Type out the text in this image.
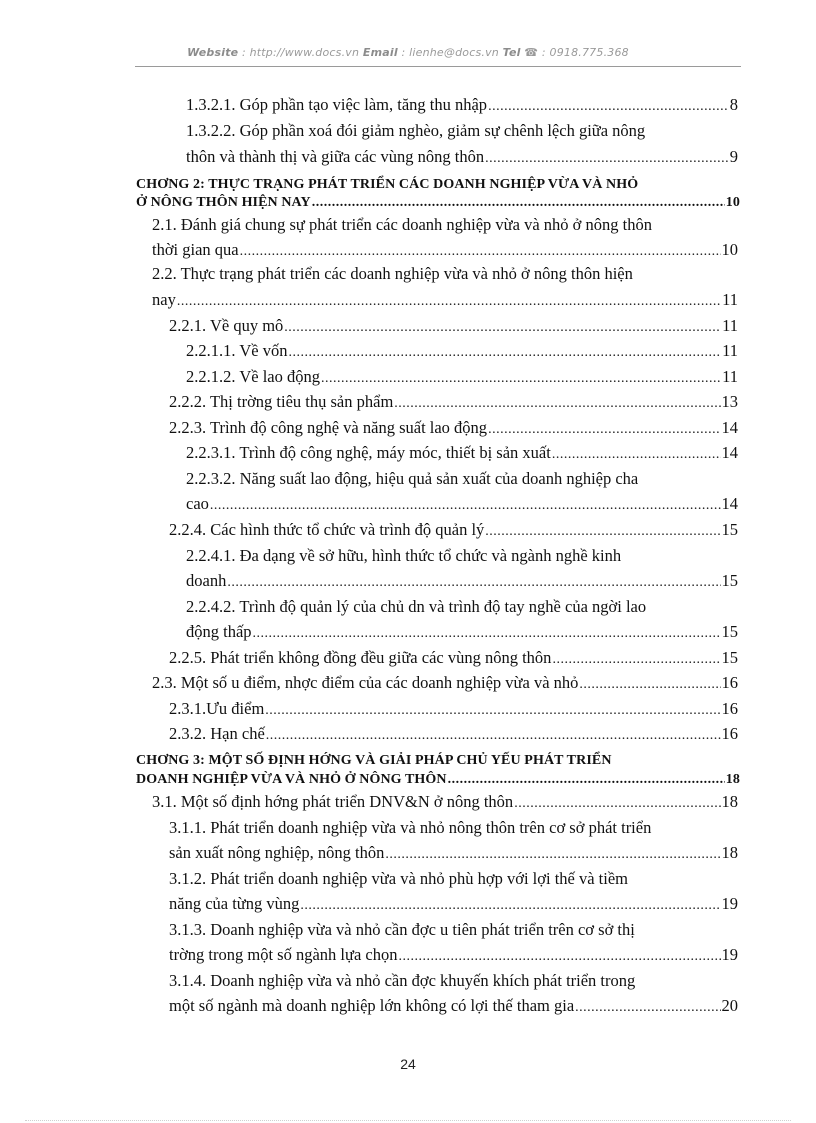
Website : http://www.docs.vn Email : lienhe@docs.vn Tel ☎ : 0918.775.368
1.3.2.1. Góp phần tạo việc làm, tăng thu nhập .....	8
1.3.2.2. Góp phần xoá đói giảm nghèo, giảm sự chênh lệch giữa nông
thôn và thành thị và giữa các vùng nông thôn .....	9
CHƠNG 2: THỰC TRẠNG PHÁT TRIỂN CÁC DOANH NGHIỆP VỪA VÀ NHỎ
Ở NÔNG THÔN HIỆN NAY .....	10
2.1. Đánh giá chung sự phát triển các doanh nghiệp vừa và nhỏ ở nông thôn
thời gian qua .....	10
2.2. Thực trạng phát triển các doanh nghiệp vừa và nhỏ ở nông thôn hiện
nay .....	11
2.2.1. Về quy mô .....	11
2.2.1.1. Về vốn .....	11
2.2.1.2. Về lao động .....	11
2.2.2. Thị trờng tiêu thụ sản phẩm .....	13
2.2.3. Trình độ công nghệ và năng suất lao động .....	14
2.2.3.1. Trình độ công nghệ, máy móc, thiết bị sản xuất .....	14
2.2.3.2. Năng suất lao động, hiệu quả sản xuất của doanh nghiệp cha
cao .....	14
2.2.4. Các hình thức tổ chức và trình độ quản lý .....	15
2.2.4.1. Đa dạng về sở hữu, hình thức tổ chức và ngành nghề kinh
doanh .....	15
2.2.4.2. Trình độ quản lý của chủ dn và trình độ tay nghề của ngời lao
động thấp .....	15
2.2.5. Phát triển không đồng đều giữa các vùng nông thôn .....	15
2.3. Một số u điểm, nhợc điểm của các doanh nghiệp vừa và nhỏ .....	16
2.3.1.Ưu điểm .....	16
2.3.2. Hạn chế .....	16
CHƠNG 3: MỘT SỐ ĐỊNH HỚNG VÀ GIẢI PHÁP CHỦ YẾU PHÁT TRIỂN
DOANH NGHIỆP VỪA VÀ NHỎ Ở NÔNG THÔN .....	18
3.1. Một số định hớng phát triển DNV&N ở nông thôn .....	18
3.1.1. Phát triển doanh nghiệp vừa và nhỏ nông thôn trên cơ sở phát triển
sản xuất nông nghiệp, nông thôn .....	18
3.1.2. Phát triển doanh nghiệp vừa và nhỏ phù hợp với lợi thế và tiềm
năng của từng vùng .....	19
3.1.3. Doanh nghiệp vừa và nhỏ cần đợc u tiên phát triển trên cơ sở thị
trờng trong một số ngành lựa chọn .....	19
3.1.4. Doanh nghiệp vừa và nhỏ cần đợc khuyến khích phát triển trong
một số ngành mà doanh nghiệp lớn không có lợi thế tham gia .....	20
24
